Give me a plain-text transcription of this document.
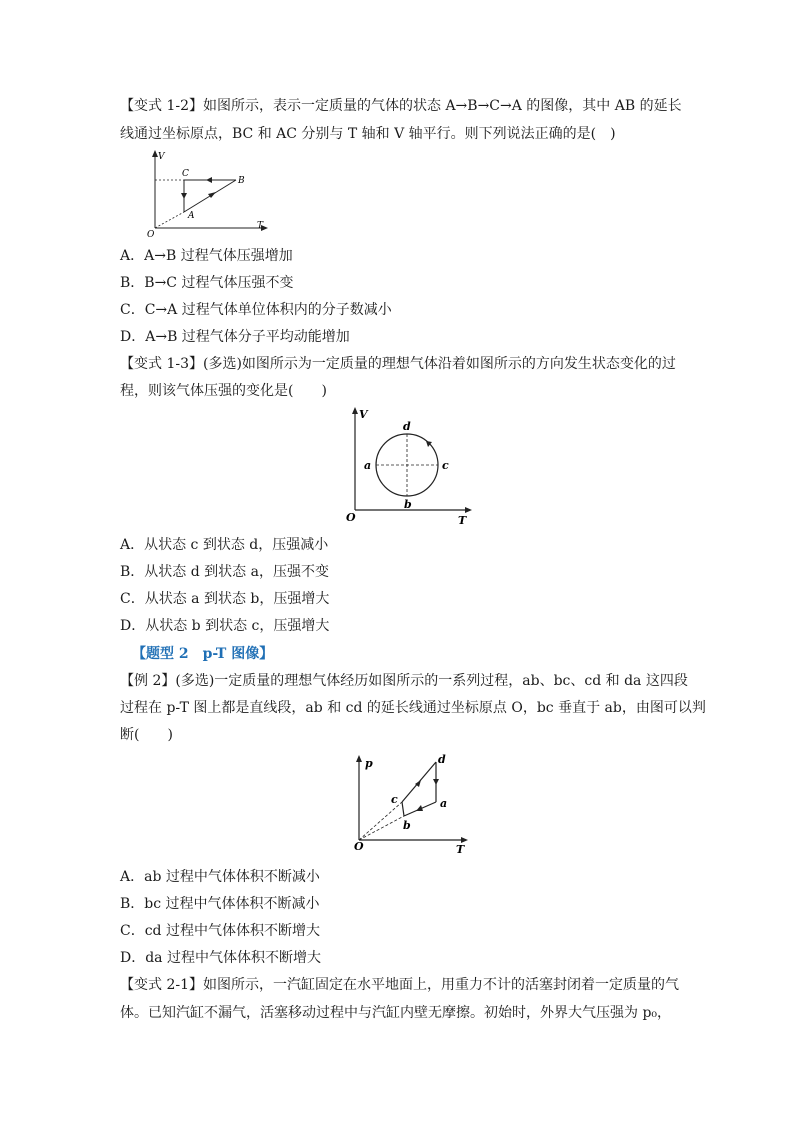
【变式 1-2】如图所示，表示一定质量的气体的状态 A→B→C→A 的图像，其中 AB 的延长
线通过坐标原点，BC 和 AC 分别与 T 轴和 V 轴平行。则下列说法正确的是(　)
V
T
O
A
B
C
A．A→B 过程气体压强增加
B．B→C 过程气体压强不变
C．C→A 过程气体单位体积内的分子数减小
D．A→B 过程气体分子平均动能增加
【变式 1-3】(多选)如图所示为一定质量的理想气体沿着如图所示的方向发生状态变化的过
程，则该气体压强的变化是(　　)
V
T
O
a
b
c
d
A．从状态 c 到状态 d，压强减小
B．从状态 d 到状态 a，压强不变
C．从状态 a 到状态 b，压强增大
D．从状态 b 到状态 c，压强增大
【题型 2　p-T 图像】
【例 2】(多选)一定质量的理想气体经历如图所示的一系列过程，ab、bc、cd 和 da 这四段
过程在 p-T 图上都是直线段，ab 和 cd 的延长线通过坐标原点 O，bc 垂直于 ab，由图可以判
断(　　)
p
T
O
a
b
c
d
A．ab 过程中气体体积不断减小
B．bc 过程中气体体积不断减小
C．cd 过程中气体体积不断增大
D．da 过程中气体体积不断增大
【变式 2-1】如图所示，一汽缸固定在水平地面上，用重力不计的活塞封闭着一定质量的气
体。已知汽缸不漏气，活塞移动过程中与汽缸内壁无摩擦。初始时，外界大气压强为 p₀，
